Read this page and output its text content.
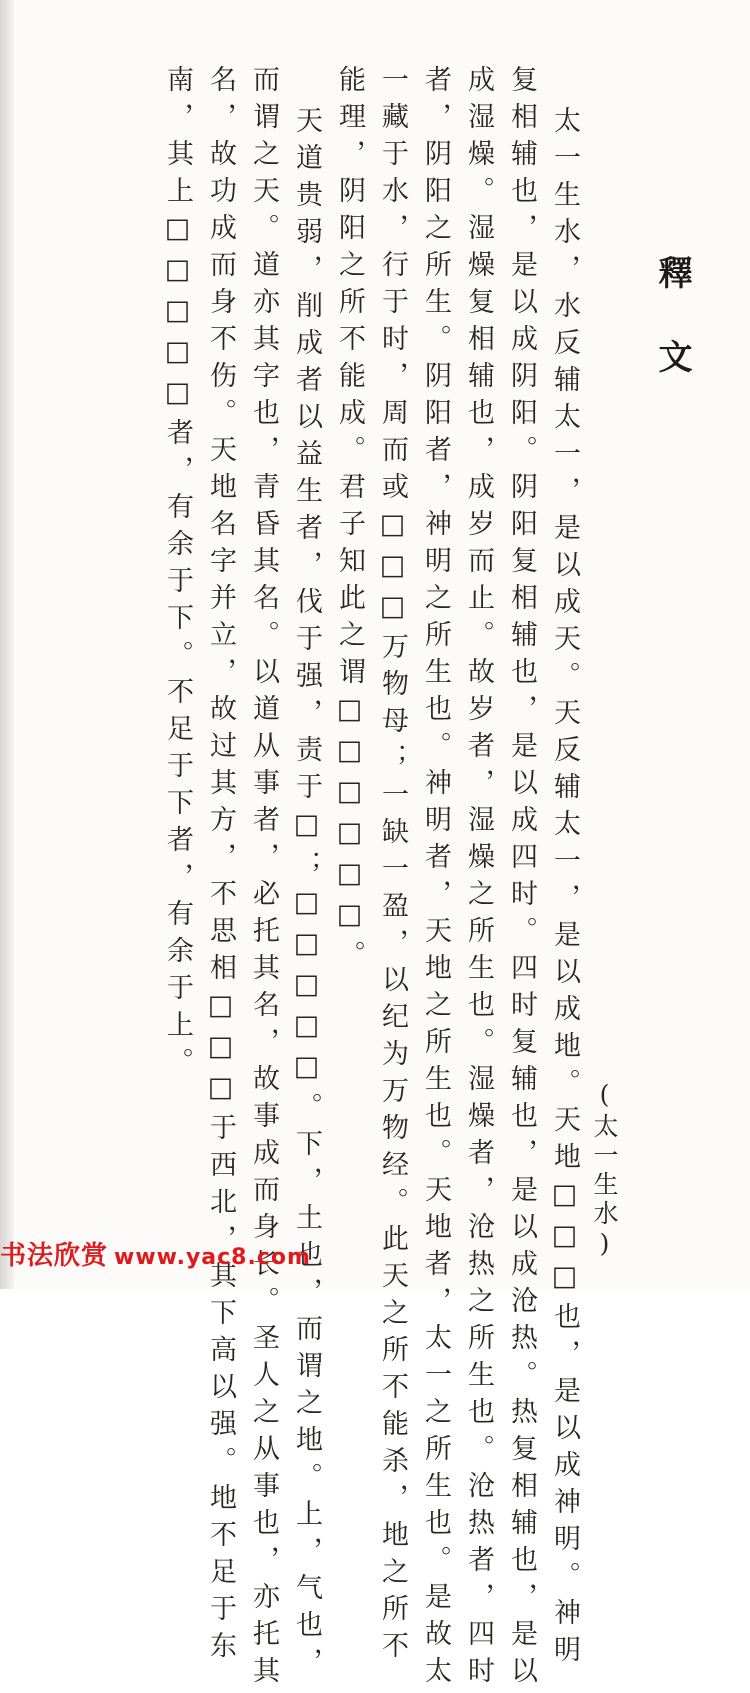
釋文
太一生水，水反辅太一，是以成天。天反辅太一，是以成地。天地□□□也，是以成神明。神明
复相辅也，是以成阴阳。阴阳复相辅也，是以成四时。四时复辅也，是以成沧热。热复相辅也，是以
成湿燥。湿燥复相辅也，成岁而止。故岁者，湿燥之所生也。湿燥者，沧热之所生也。沧热者，四时
者，阴阳之所生。阴阳者，神明之所生也。神明者，天地之所生也。天地者，太一之所生也。是故太
一藏于水，行于时，周而或□□□万物母；一缺一盈，以纪为万物经。此天之所不能杀，地之所不
能理，阴阳之所不能成。君子知此之谓□□□□□□。
天道贵弱，削成者以益生者，伐于强，责于□；□□□□□。下，土也，而谓之地。上，气也，
而谓之天。道亦其字也，青昏其名。以道从事者，必托其名，故事成而身长。圣人之从事也，亦托其
名，故功成而身不伤。天地名字并立，故过其方，不思相□□□于西北，其下高以强。地不足于东
南，其上□□□□□者，有余于下。不足于下者，有余于上。
(太一生水)
书法欣赏 www.yac8.com
